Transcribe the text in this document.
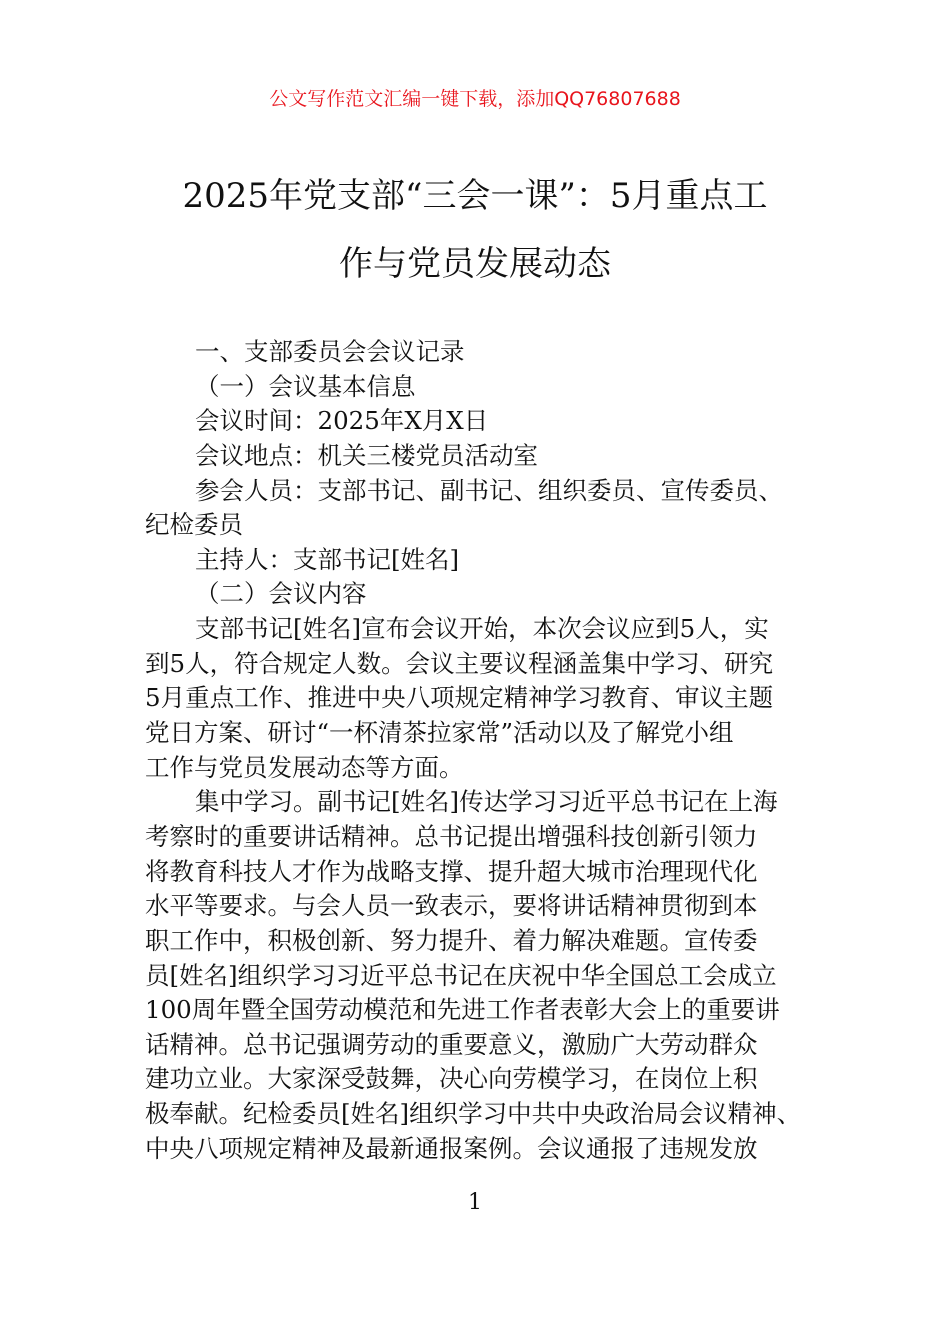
公文写作范文汇编一键下载，添加QQ76807688
2025年党支部“三会一课”：5月重点工
作与党员发展动态
一、支部委员会会议记录
（一）会议基本信息
会议时间：2025年X月X日
会议地点：机关三楼党员活动室
参会人员：支部书记、副书记、组织委员、宣传委员、
纪检委员
主持人：支部书记[姓名]
（二）会议内容
支部书记[姓名]宣布会议开始，本次会议应到5人，实
到5人，符合规定人数。会议主要议程涵盖集中学习、研究
5月重点工作、推进中央八项规定精神学习教育、审议主题
党日方案、研讨“一杯清茶拉家常”活动以及了解党小组
工作与党员发展动态等方面。
集中学习。副书记[姓名]传达学习习近平总书记在上海
考察时的重要讲话精神。总书记提出增强科技创新引领力
将教育科技人才作为战略支撑、提升超大城市治理现代化
水平等要求。与会人员一致表示，要将讲话精神贯彻到本
职工作中，积极创新、努力提升、着力解决难题。宣传委
员[姓名]组织学习习近平总书记在庆祝中华全国总工会成立
100周年暨全国劳动模范和先进工作者表彰大会上的重要讲
话精神。总书记强调劳动的重要意义，激励广大劳动群众
建功立业。大家深受鼓舞，决心向劳模学习，在岗位上积
极奉献。纪检委员[姓名]组织学习中共中央政治局会议精神、
中央八项规定精神及最新通报案例。会议通报了违规发放
1
